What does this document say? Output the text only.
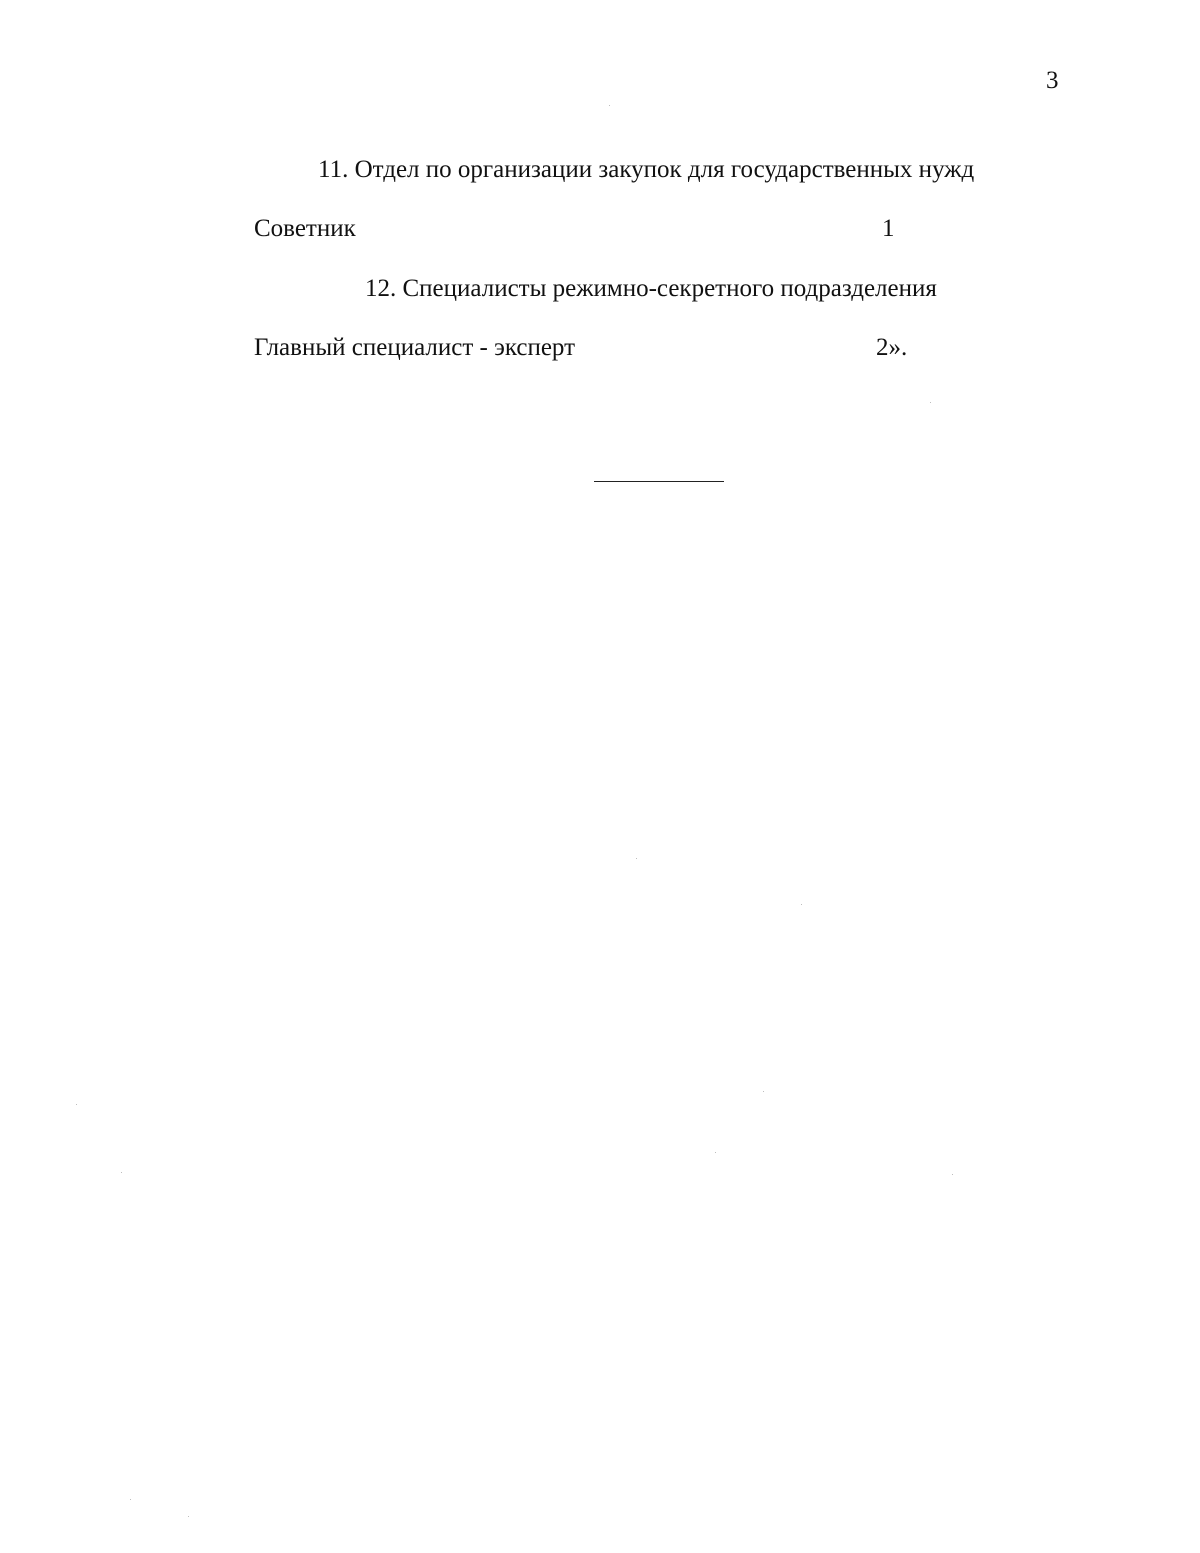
3
11. Отдел по организации закупок для государственных нужд
Советник	1
12. Специалисты режимно-секретного подразделения
Главный специалист - эксперт	2».
